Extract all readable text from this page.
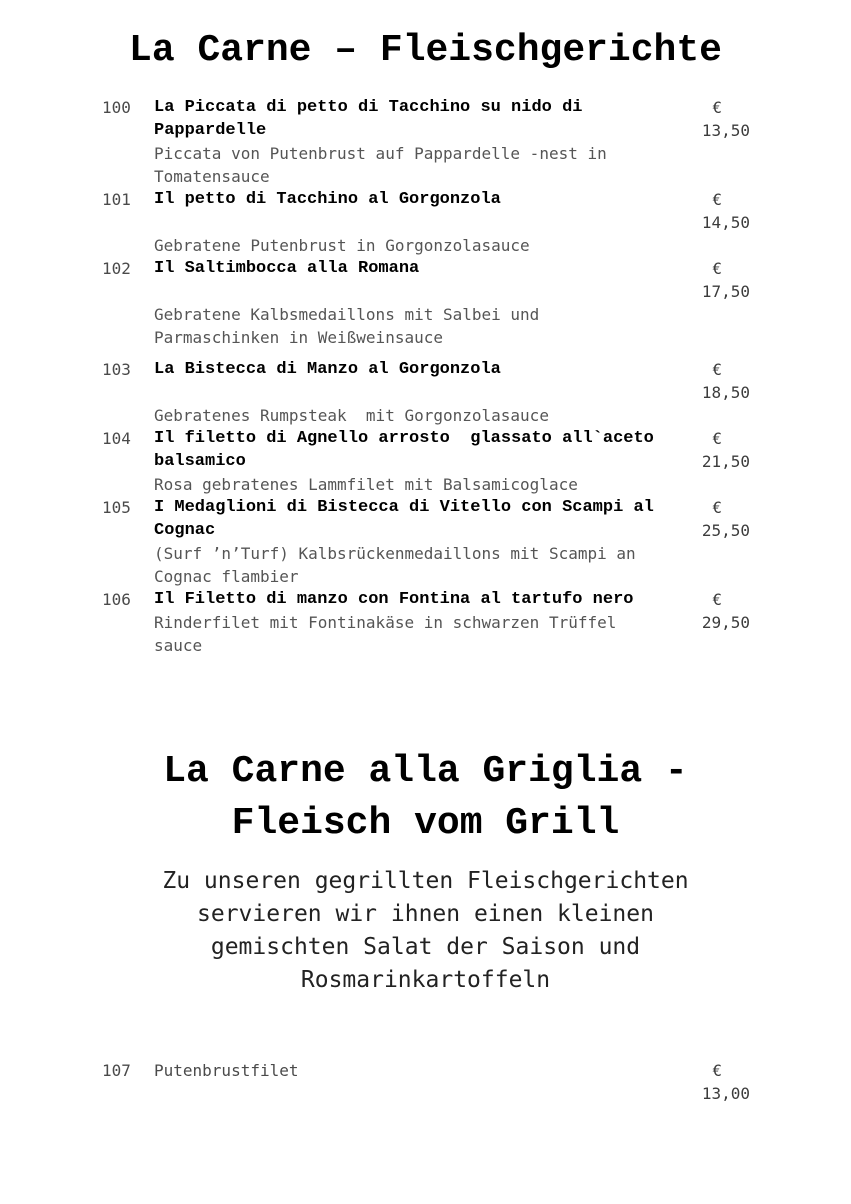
La Carne – Fleischgerichte
100 La Piccata di petto di Tacchino su nido di Pappardelle
Piccata von Putenbrust auf Pappardelle -nest in Tomatensauce
€
13,50
101 Il petto di Tacchino al Gorgonzola
Gebratene Putenbrust in Gorgonzolasauce
€
14,50
102 Il Saltimbocca alla Romana
Gebratene Kalbsmedaillons mit Salbei und Parmaschinken in Weißweinsauce
€
17,50
103 La Bistecca di Manzo al Gorgonzola
Gebratenes Rumpsteak  mit Gorgonzolasauce
€
18,50
104 Il filetto di Agnello arrosto  glassato all`aceto balsamico
Rosa gebratenes Lammfilet mit Balsamicoglace
€
21,50
105 I Medaglioni di Bistecca di Vitello con Scampi al Cognac
(Surf ’n’Turf) Kalbsrückenmedaillons mit Scampi an Cognac flambier
€
25,50
106 Il Filetto di manzo con Fontina al tartufo nero
Rinderfilet mit Fontinakäse in schwarzen Trüffel sauce
€
29,50
La Carne alla Griglia -
Fleisch vom Grill

Zu unseren gegrillten Fleischgerichten
servieren wir ihnen einen kleinen
gemischten Salat der Saison und
Rosmarinkartoffeln

107 Putenbrustfilet	€
13,00
